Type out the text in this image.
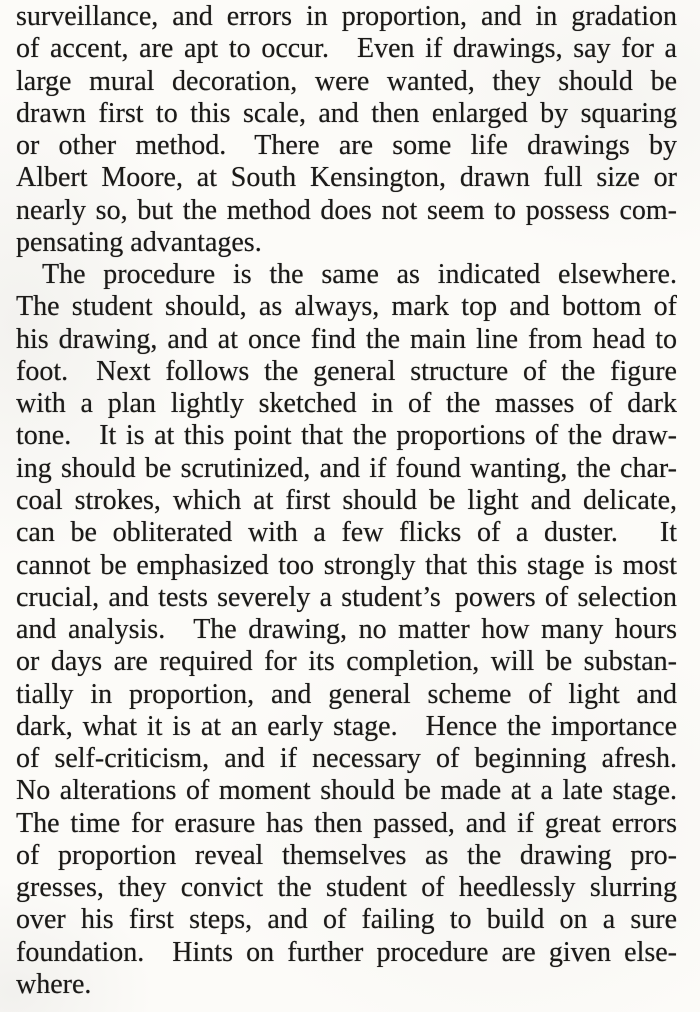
surveillance, and errors in proportion, and in gradation
of accent, are apt to occur. Even if drawings, say for a
large mural decoration, were wanted, they should be
drawn first to this scale, and then enlarged by squaring
or other method. There are some life drawings by
Albert Moore, at South Kensington, drawn full size or
nearly so, but the method does not seem to possess com-
pensating advantages.
The procedure is the same as indicated elsewhere.
The student should, as always, mark top and bottom of
his drawing, and at once find the main line from head to
foot. Next follows the general structure of the figure
with a plan lightly sketched in of the masses of dark
tone. It is at this point that the proportions of the draw-
ing should be scrutinized, and if found wanting, the char-
coal strokes, which at first should be light and delicate,
can be obliterated with a few flicks of a duster.  It
cannot be emphasized too strongly that this stage is most
crucial, and tests severely a student’s powers of selection
and analysis. The drawing, no matter how many hours
or days are required for its completion, will be substan-
tially in proportion, and general scheme of light and
dark, what it is at an early stage. Hence the importance
of self-criticism, and if necessary of beginning afresh.
No alterations of moment should be made at a late stage.
The time for erasure has then passed, and if great errors
of proportion reveal themselves as the drawing pro-
gresses, they convict the student of heedlessly slurring
over his first steps, and of failing to build on a sure
foundation. Hints on further procedure are given else-
where.
